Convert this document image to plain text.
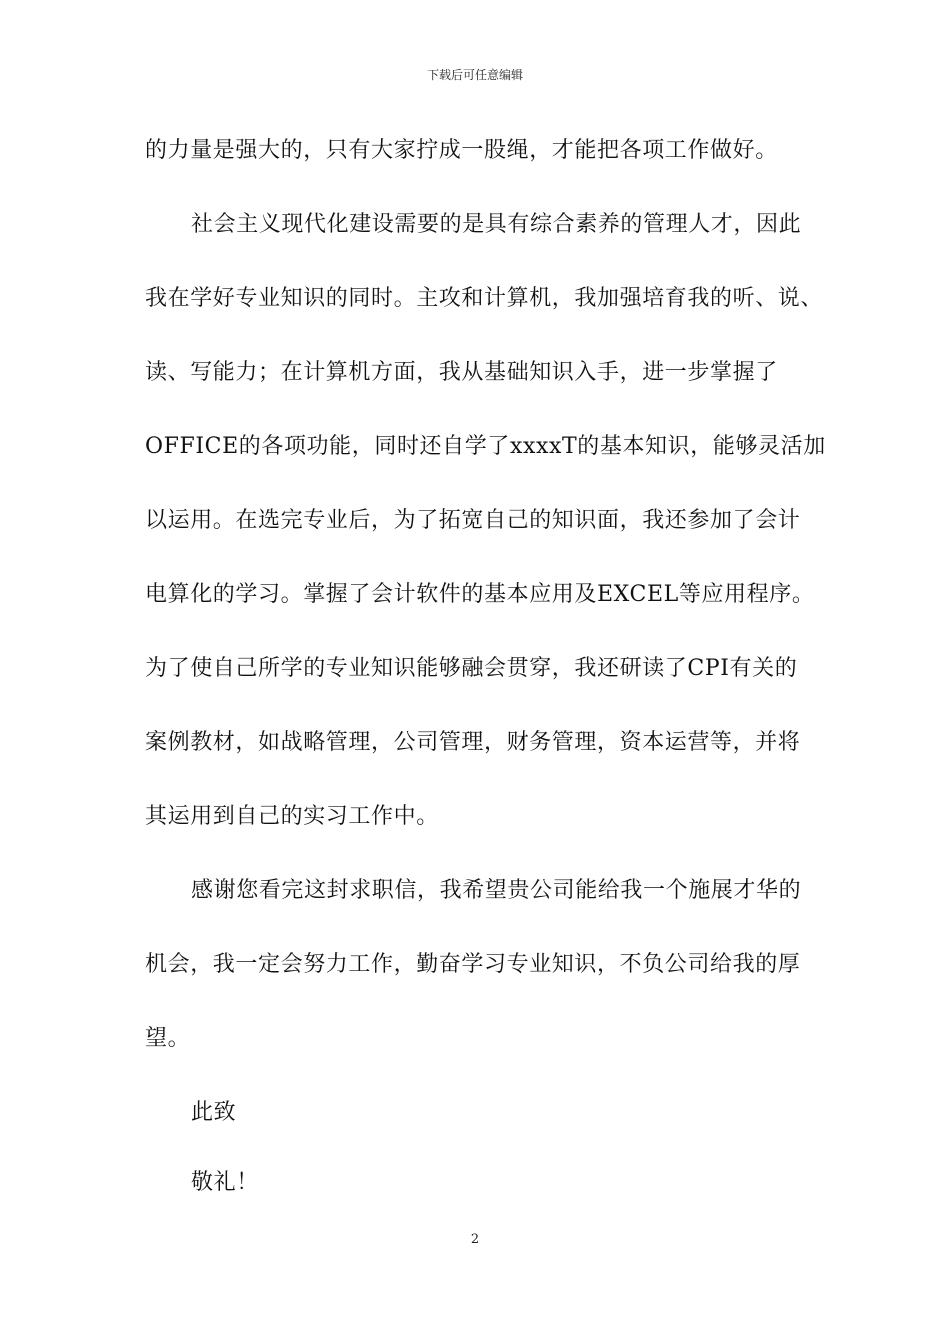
下载后可任意编辑
的力量是强大的，只有大家拧成一股绳，才能把各项工作做好。
社会主义现代化建设需要的是具有综合素养的管理人才，因此
我在学好专业知识的同时。主攻和计算机，我加强培育我的听、说、
读、写能力；在计算机方面，我从基础知识入手，进一步掌握了
OFFICE的各项功能，同时还自学了xxxxT的基本知识，能够灵活加
以运用。在选完专业后，为了拓宽自己的知识面，我还参加了会计
电算化的学习。掌握了会计软件的基本应用及EXCEL等应用程序。
为了使自己所学的专业知识能够融会贯穿，我还研读了CPI有关的
案例教材，如战略管理，公司管理，财务管理，资本运营等，并将
其运用到自己的实习工作中。
感谢您看完这封求职信，我希望贵公司能给我一个施展才华的
机会，我一定会努力工作，勤奋学习专业知识，不负公司给我的厚
望。
此致
敬礼！
2
